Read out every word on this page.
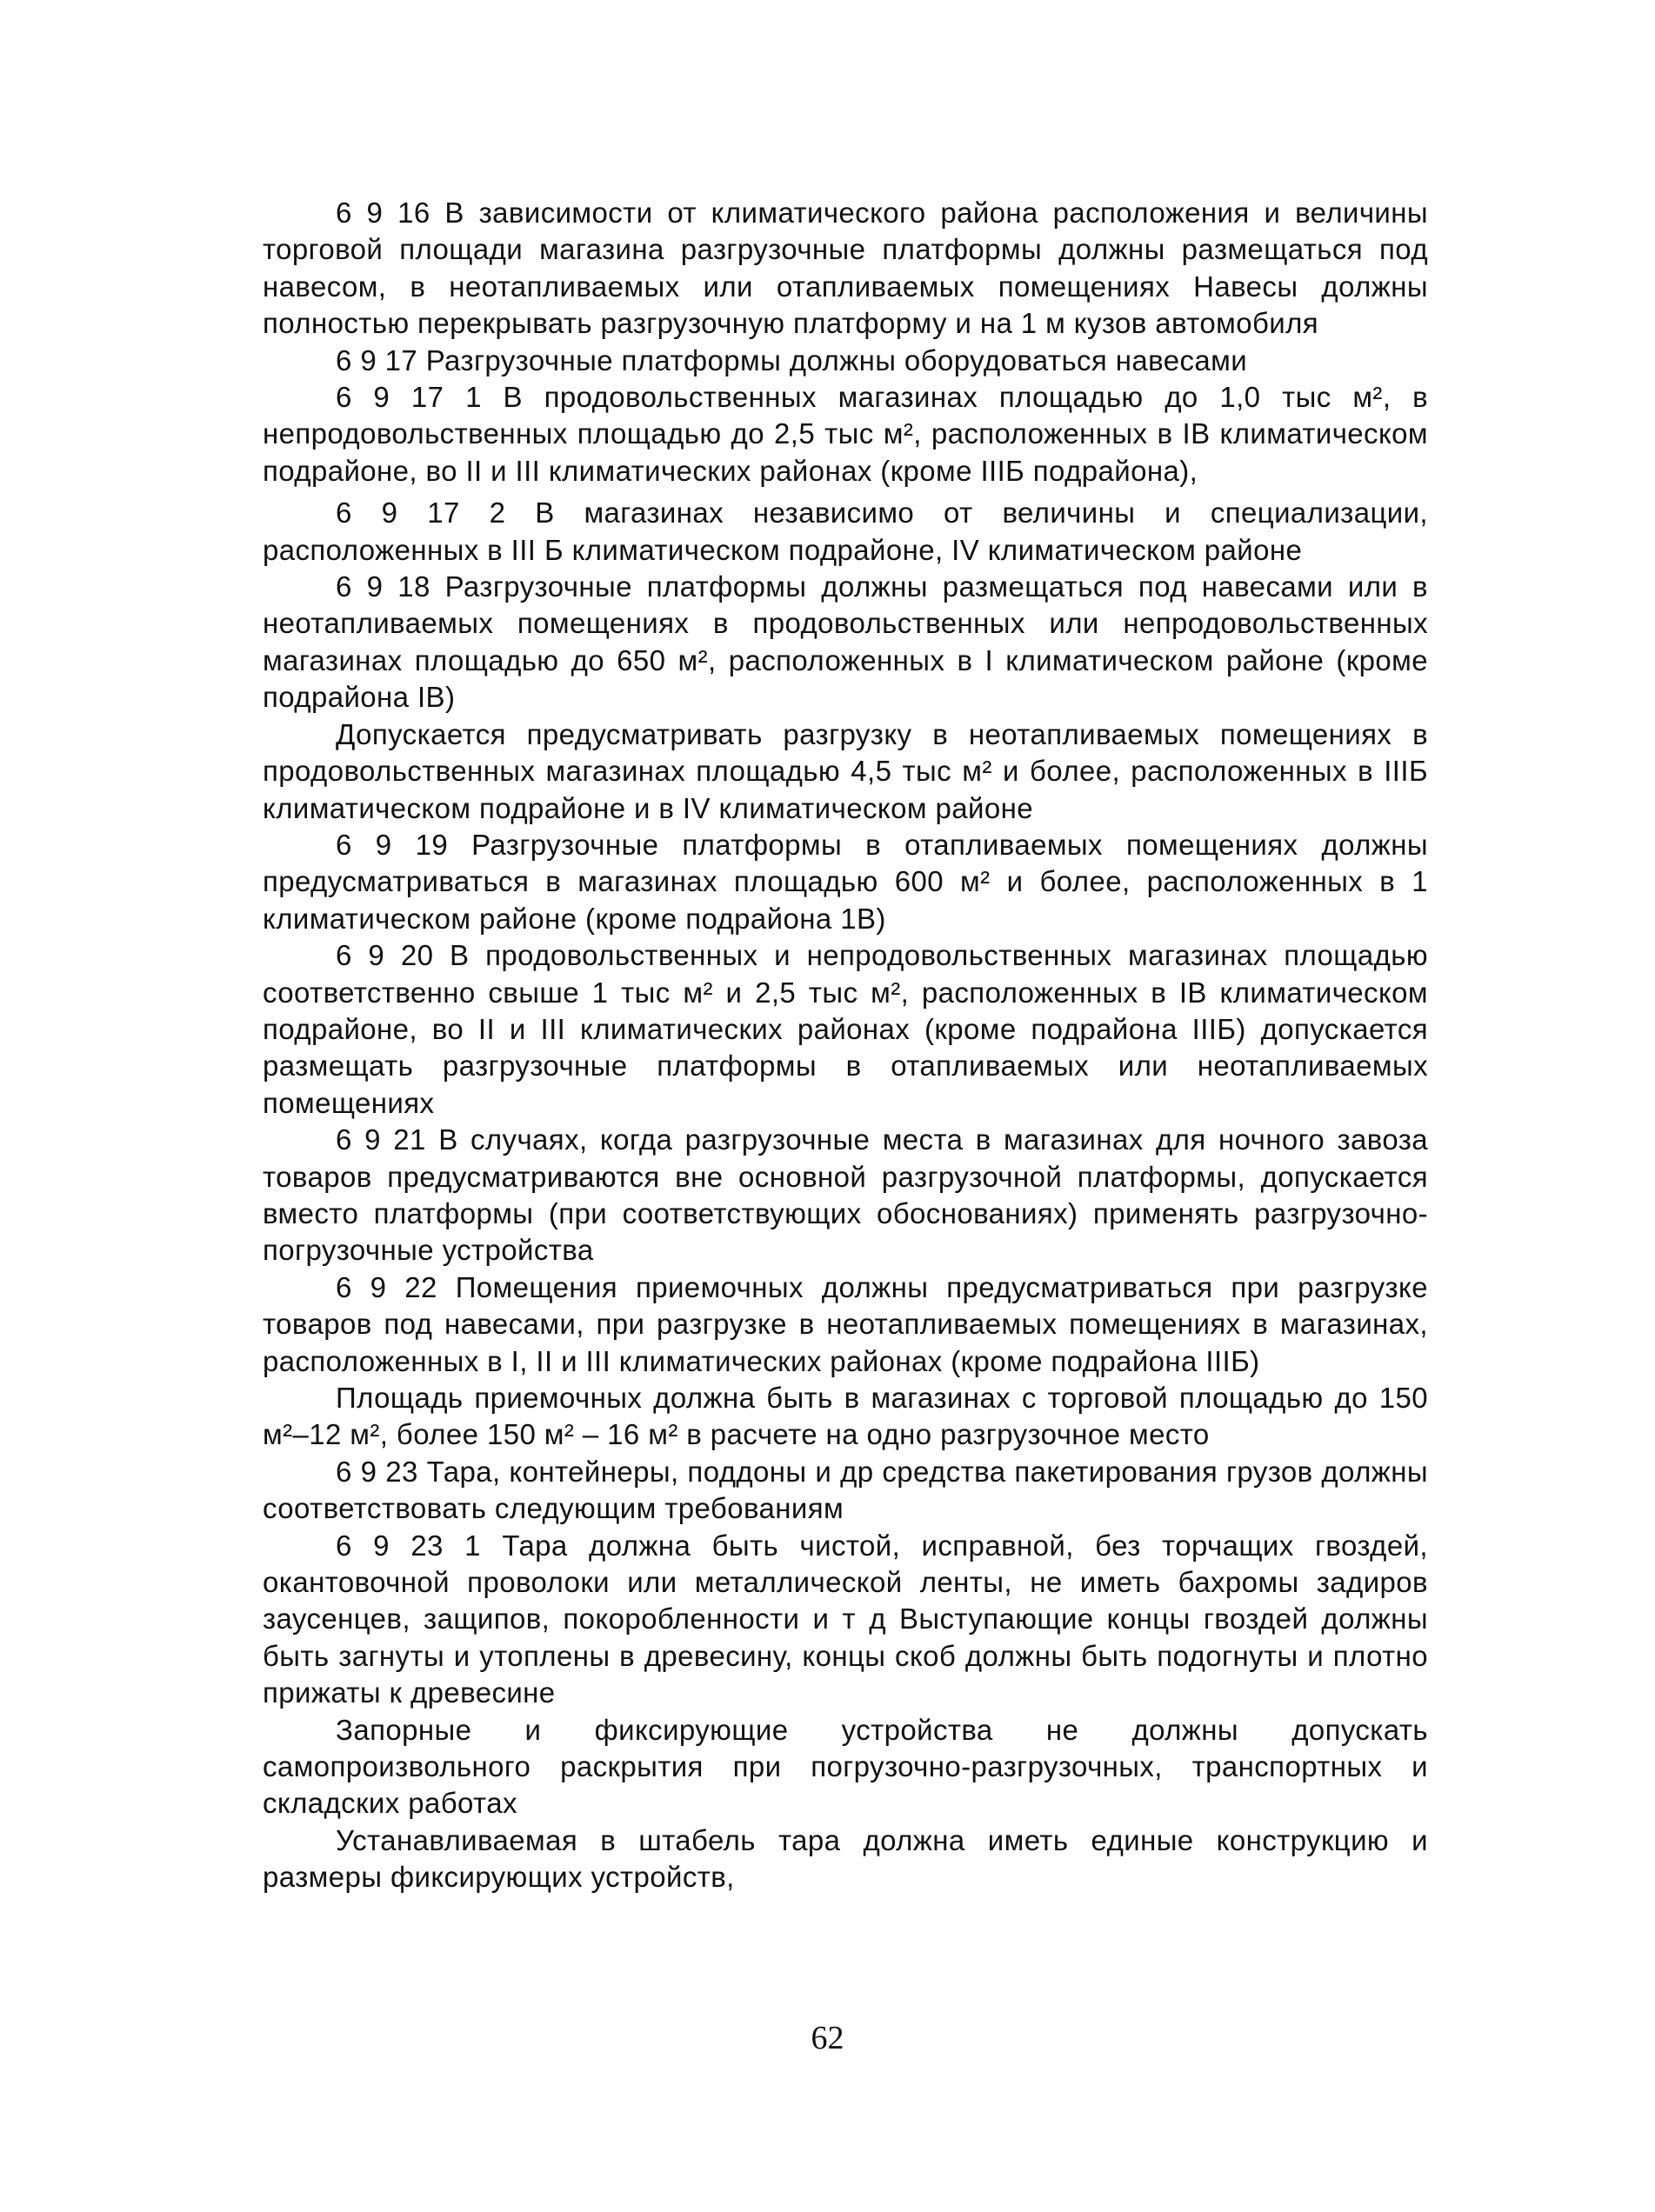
6 9 16 В зависимости от климатического района расположения и величины торговой площади магазина разгрузочные платформы должны размещаться под навесом, в неотапливаемых или отапливаемых помещениях Навесы должны полностью перекрывать разгрузочную платформу и на 1 м кузов автомобиля

6 9 17 Разгрузочные платформы должны оборудоваться навесами

6 9 17 1 В продовольственных магазинах площадью до 1,0 тыс м², в непродовольственных площадью до 2,5 тыс м², расположенных в IВ климатическом подрайоне, во II и III климатических районах (кроме IIIБ подрайона),

6 9 17 2 В магазинах независимо от величины и специализации, расположенных в III Б климатическом подрайоне, IV климатическом районе

6 9 18 Разгрузочные платформы должны размещаться под навесами или в неотапливаемых помещениях в продовольственных или непродовольственных магазинах площадью до 650 м², расположенных в I климатическом районе (кроме подрайона IВ)

Допускается предусматривать разгрузку в неотапливаемых помещениях в продовольственных магазинах площадью 4,5 тыс м² и более, расположенных в IIIБ климатическом подрайоне и в IV климатическом районе

6 9 19 Разгрузочные платформы в отапливаемых помещениях должны предусматриваться в магазинах площадью 600 м² и более, расположенных в 1 климатическом районе (кроме подрайона 1В)

6 9 20 В продовольственных и непродовольственных магазинах площадью соответственно свыше 1 тыс м² и 2,5 тыс м², расположенных в IВ климатическом подрайоне, во II и III климатических районах (кроме подрайона IIIБ) допускается размещать разгрузочные платформы в отапливаемых или неотапливаемых помещениях

6 9 21 В случаях, когда разгрузочные места в магазинах для ночного завоза товаров предусматриваются вне основной разгрузочной платформы, допускается вместо платформы (при соответствующих обоснованиях) применять разгрузочно-погрузочные устройства

6 9 22 Помещения приемочных должны предусматриваться при разгрузке товаров под навесами, при разгрузке в неотапливаемых помещениях в магазинах, расположенных в I, II и III климатических районах (кроме подрайона IIIБ)

Площадь приемочных должна быть в магазинах с торговой площадью до 150 м²–12 м², более 150 м² – 16 м² в расчете на одно разгрузочное место

6 9 23 Тара, контейнеры, поддоны и др средства пакетирования грузов должны соответствовать следующим требованиям

6 9 23 1 Тара должна быть чистой, исправной, без торчащих гвоздей, окантовочной проволоки или металлической ленты, не иметь бахромы задиров заусенцев, защипов, покоробленности и т д Выступающие концы гвоздей должны быть загнуты и утоплены в древесину, концы скоб должны быть подогнуты и плотно прижаты к древесине

Запорные и фиксирующие устройства не должны допускать самопроизвольного раскрытия при погрузочно-разгрузочных, транспортных и складских работах

Устанавливаемая в штабель тара должна иметь единые конструкцию и размеры фиксирующих устройств,

62
